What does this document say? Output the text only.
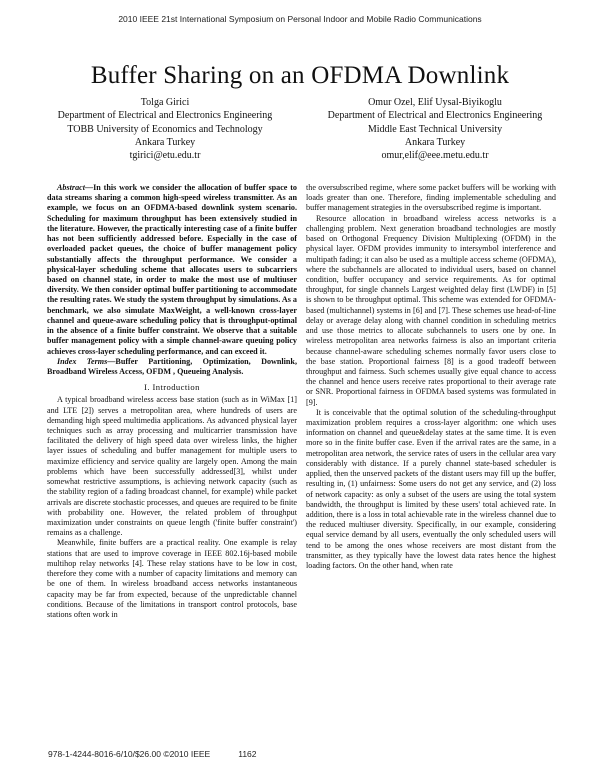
2010 IEEE 21st International Symposium on Personal Indoor and Mobile Radio Communications
Buffer Sharing on an OFDMA Downlink
Tolga Girici
Department of Electrical and Electronics Engineering
TOBB University of Economics and Technology
Ankara Turkey
tgirici@etu.edu.tr
Omur Ozel, Elif Uysal-Biyikoglu
Department of Electrical and Electronics Engineering
Middle East Technical University
Ankara Turkey
omur,elif@eee.metu.edu.tr

Abstract—In this work we consider the allocation of buffer space to data streams sharing a common high-speed wireless transmitter. As an example, we focus on an OFDMA-based downlink system scenario. Scheduling for maximum throughput has been extensively studied in the literature. However, the practically interesting case of a finite buffer has not been sufficiently addressed before. Especially in the case of overloaded packet queues, the choice of buffer management policy substantially affects the throughput performance. We consider a physical-layer scheduling scheme that allocates users to subcarriers based on channel state, in order to make the most use of multiuser diversity. We then consider optimal buffer partitioning to accommodate the resulting rates. We study the system throughput by simulations. As a benchmark, we also simulate MaxWeight, a well-known cross-layer channel and queue-aware scheduling policy that is throughput-optimal in the absence of a finite buffer constraint. We observe that a suitable buffer management policy with a simple channel-aware queuing policy achieves cross-layer scheduling performance, and can exceed it.

Index Terms—Buffer Partitioning, Optimization, Downlink, Broadband Wireless Access, OFDM , Queueing Analysis.

I. Introduction

A typical broadband wireless access base station (such as in WiMax [1] and LTE [2]) serves a metropolitan area, where hundreds of users are demanding high speed multimedia applications. As advanced physical layer techniques such as array processing and multicarrier transmission have facilitated the delivery of high speed data over wireless links, the higher layer issues of scheduling and buffer management for multiple users to maximize efficiency and service quality are largely open. Among the main problems which have been successfully addressed[3], whilst under somewhat restrictive assumptions, is achieving network capacity (such as the stability region of a fading broadcast channel, for example) while packet arrivals are discrete stochastic processes, and queues are required to be finite with probability one. However, the related problem of throughput maximization under constraints on queue length ('finite buffer constraint') remains as a challenge.

Meanwhile, finite buffers are a practical reality. One example is relay stations that are used to improve coverage in IEEE 802.16j-based mobile multihop relay networks [4]. These relay stations have to be low in cost, therefore they come with a number of capacity limitations and memory can be one of them. In wireless broadband access networks instantaneous capacity may be far from expected, because of the unpredictable channel conditions. Because of the limitations in transport control protocols, base stations often work in

the oversubscribed regime, where some packet buffers will be working with loads greater than one. Therefore, finding implementable scheduling and buffer management strategies in the oversubscribed regime is important.

Resource allocation in broadband wireless access networks is a challenging problem. Next generation broadband technologies are mostly based on Orthogonal Frequency Division Multiplexing (OFDM) in the physical layer. OFDM provides immunity to intersymbol interference and multipath fading; it can also be used as a multiple access scheme (OFDMA), where the subchannels are allocated to individual users, based on channel condition, buffer occupancy and service requirements. As for optimal throughput, for single channels Largest weighted delay first (LWDF) in [5] is shown to be throughput optimal. This scheme was extended for OFDMA-based (multichannel) systems in [6] and [7]. These schemes use head-of-line delay or average delay along with channel condition in scheduling metrics and use those metrics to allocate subchannels to users one by one. In wireless metropolitan area networks fairness is also an important criteria because channel-aware scheduling schemes normally favor users close to the base station. Proportional fairness [8] is a good tradeoff between throughput and fairness. Such schemes usually give equal chance to access the channel and hence users receive rates proportional to their average rate or SNR. Proportional fairness in OFDMA based systems was formulated in [9].

It is conceivable that the optimal solution of the scheduling-throughput maximization problem requires a cross-layer algorithm: one which uses information on channel and queue&delay states at the same time. It is even more so in the finite buffer case. Even if the arrival rates are the same, in a metropolitan area network, the service rates of users in the cellular area vary considerably with distance. If a purely channel state-based scheduler is applied, then the unserved packets of the distant users may fill up the buffer, resulting in, (1) unfairness: Some users do not get any service, and (2) loss of network capacity: as only a subset of the users are using the total system bandwidth, the throughput is limited by these users' total achieved rate. In addition, there is a loss in total achievable rate in the wireless channel due to the reduced multiuser diversity. Specifically, in our example, considering equal service demand by all users, eventually the only scheduled users will tend to be among the ones whose receivers are most distant from the transmitter, as they typically have the lowest data rates hence the highest loading factors. On the other hand, when rate

978-1-4244-8016-6/10/$26.00 ©2010 IEEE	1162
